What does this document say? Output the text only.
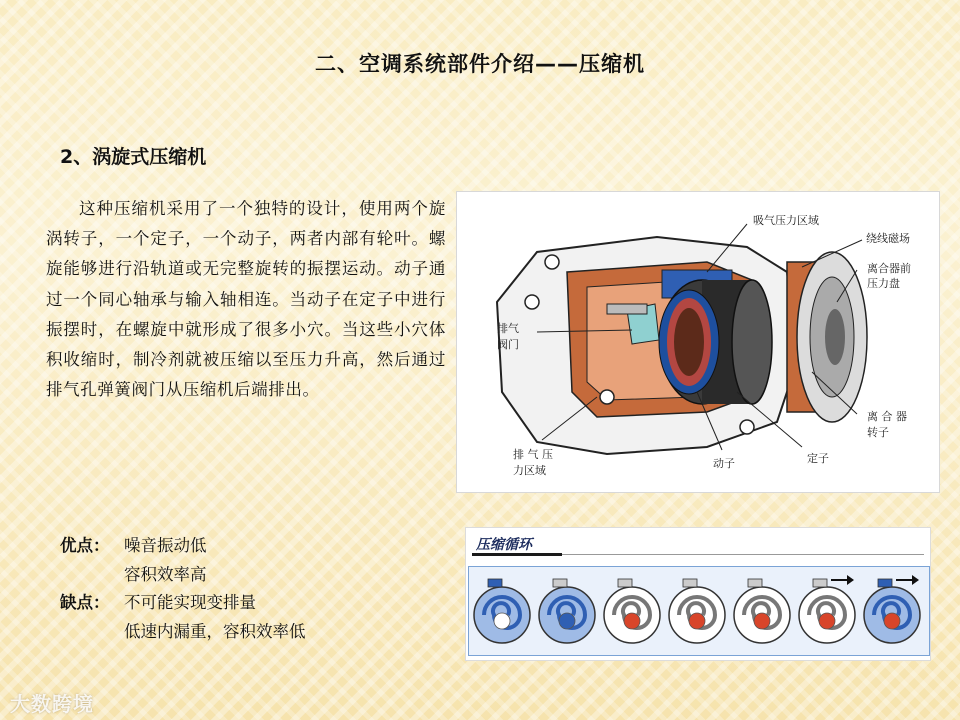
二、空调系统部件介绍——压缩机
2、涡旋式压缩机
这种压缩机采用了一个独特的设计，使用两个旋涡转子，一个定子，一个动子，两者内部有轮叶。螺旋能够进行沿轨道或无完整旋转的振摆运动。动子通过一个同心轴承与输入轴相连。当动子在定子中进行振摆时，在螺旋中就形成了很多小穴。当这些小穴体积收缩时，制冷剂就被压缩以至压力升高，然后通过排气孔弹簧阀门从压缩机后端排出。
优点： 噪音振动低
容积效率高
缺点： 不可能实现变排量
低速内漏重，容积效率低
吸气压力区域
绕线磁场
离合器前
压力盘
排气
阀门
离 合 器
转子
排 气 压
力区域
动子	定子
压缩循环
大数跨境
